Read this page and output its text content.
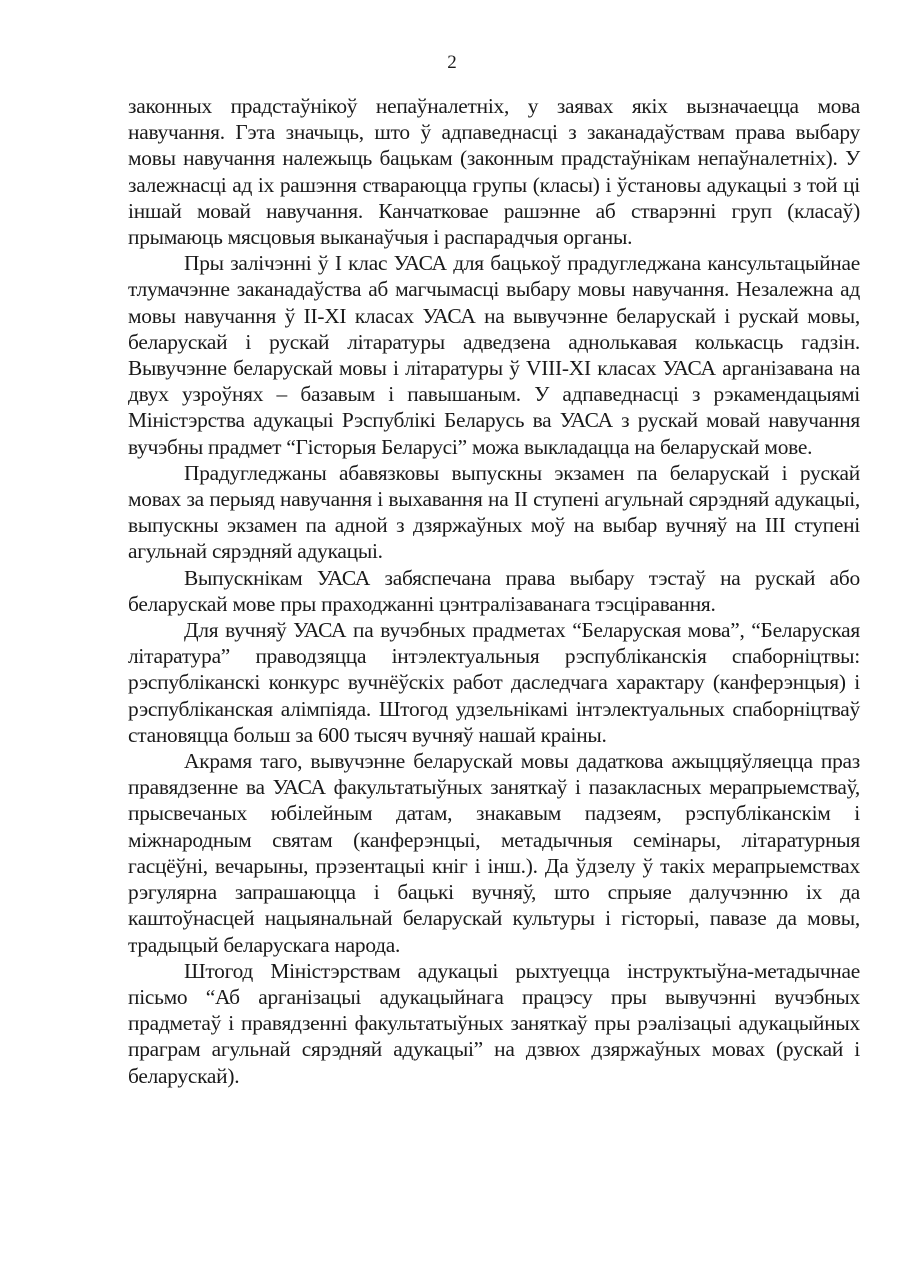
2

законных прадстаўнікоў непаўналетніх, у заявах якіх вызначаецца мова навучання. Гэта значыць, што ў адпаведнасці з заканадаўствам права выбару мовы навучання належыць бацькам (законным прадстаўнікам непаўналетніх). У залежнасці ад іх рашэння ствараюцца групы (класы) і ўстановы адукацыі з той ці іншай мовай навучання. Канчатковае рашэнне аб стварэнні груп (класаў) прымаюць мясцовыя выканаўчыя і распарадчыя органы.

Пры залічэнні ў І клас УАСА для бацькоў прадугледжана кансультацыйнае тлумачэнне заканадаўства аб магчымасці выбару мовы навучання. Незалежна ад мовы навучання ў ІІ-ХІ класах УАСА на вывучэнне беларускай і рускай мовы, беларускай і рускай літаратуры адведзена аднолькавая колькасць гадзін. Вывучэнне беларускай мовы і літаратуры ў VІІІ-ХІ класах УАСА арганізавана на двух узроўнях – базавым і павышаным. У адпаведнасці з рэкамендацыямі Міністэрства адукацыі Рэспублікі Беларусь ва УАСА з рускай мовай навучання вучэбны прадмет “Гісторыя Беларусі” можа выкладацца на беларускай мове.

Прадугледжаны абавязковы выпускны экзамен па беларускай і рускай мовах за перыяд навучання і выхавання на ІІ ступені агульнай сярэдняй адукацыі, выпускны экзамен па адной з дзяржаўных моў на выбар вучняў на ІІІ ступені агульнай сярэдняй адукацыі.

Выпускнікам УАСА забяспечана права выбару тэстаў на рускай або беларускай мове пры праходжанні цэнтралізаванага тэсціравання.

Для вучняў УАСА па вучэбных прадметах “Беларуская мова”, “Беларуская літаратура” праводзяцца інтэлектуальныя рэспубліканскія спаборніцтвы: рэспубліканскі конкурс вучнёўскіх работ даследчага характару (канферэнцыя) і рэспубліканская алімпіяда. Штогод удзельнікамі інтэлектуальных спаборніцтваў становяцца больш за 600 тысяч вучняў нашай краіны.

Акрамя таго, вывучэнне беларускай мовы дадаткова ажыццяўляецца праз правядзенне ва УАСА факультатыўных заняткаў і пазакласных мерапрыемстваў, прысвечаных юбілейным датам, знакавым падзеям, рэспубліканскім і міжнародным святам (канферэнцыі, метадычныя семінары, літаратурныя гасцёўні, вечарыны, прэзентацыі кніг і інш.). Да ўдзелу ў такіх мерапрыемствах рэгулярна запрашаюцца і бацькі вучняў, што спрыяе далучэнню іх да каштоўнасцей нацыянальнай беларускай культуры і гісторыі, павазе да мовы, традыцый беларускага народа.

Штогод Міністэрствам адукацыі рыхтуецца інструктыўна-метадычнае пісьмо “Аб арганізацыі адукацыйнага працэсу пры вывучэнні вучэбных прадметаў і правядзенні факультатыўных заняткаў пры рэалізацыі адукацыйных праграм агульнай сярэдняй адукацыі” на дзвюх дзяржаўных мовах (рускай і беларускай).
